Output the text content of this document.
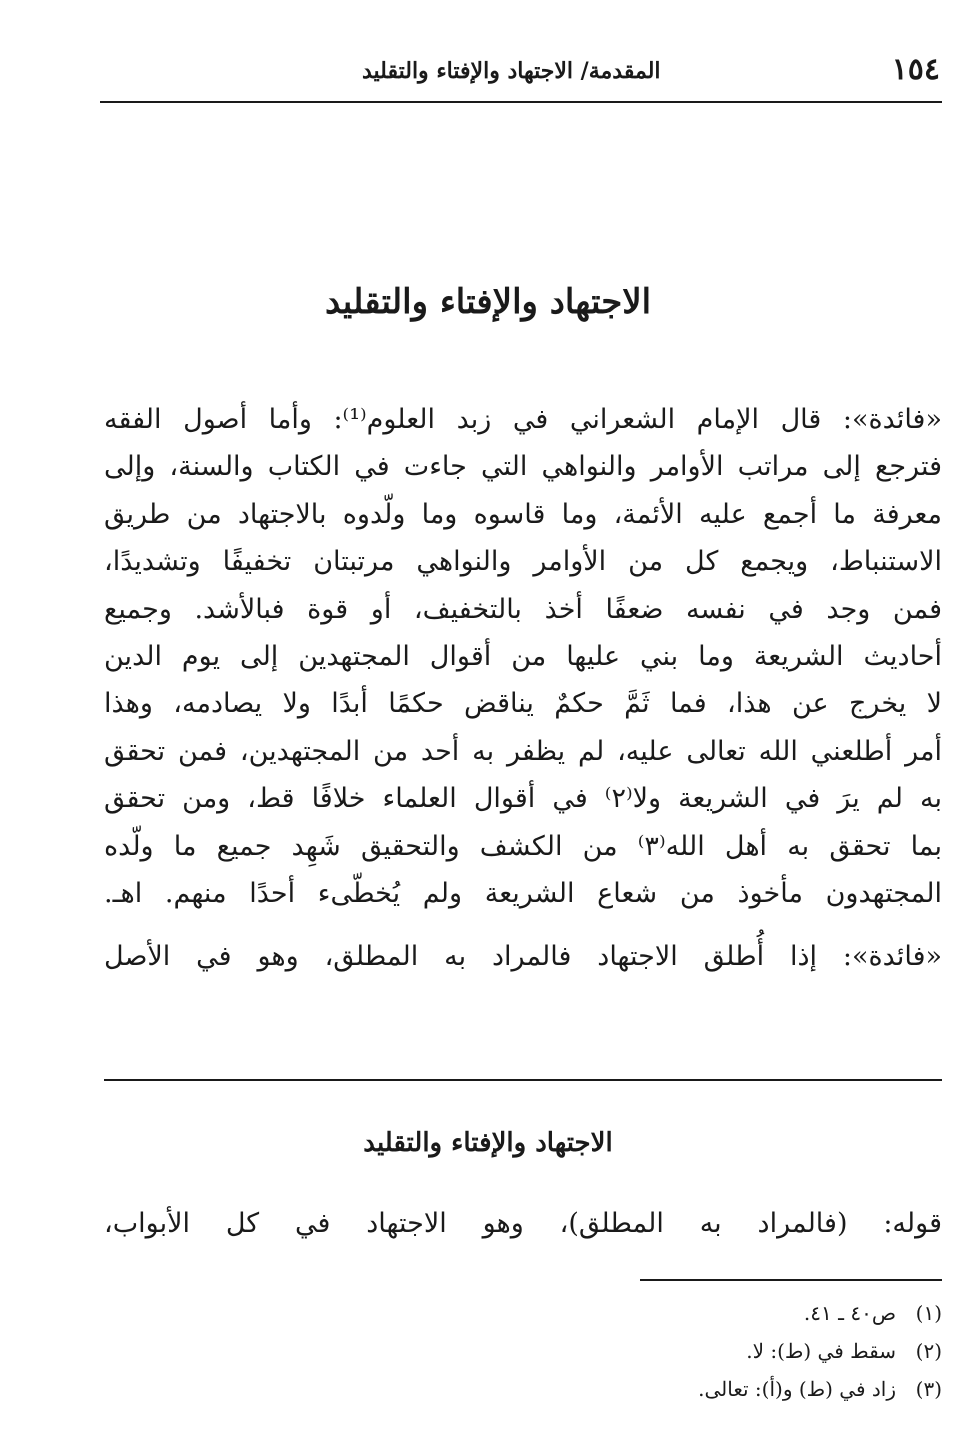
١٥٤
المقدمة/ الاجتهاد والإفتاء والتقليد
الاجتهاد والإفتاء والتقليد
«فائدة»: قال الإمام الشعراني في زبد العلوم⁽¹⁾: وأما أصول الفقه
فترجع إلى مراتب الأوامر والنواهي التي جاءت في الكتاب والسنة، وإلى
معرفة ما أجمع عليه الأئمة، وما قاسوه وما ولّدوه بالاجتهاد من طريق
الاستنباط، ويجمع كل من الأوامر والنواهي مرتبتان تخفيفًا وتشديدًا،
فمن وجد في نفسه ضعفًا أخذ بالتخفيف، أو قوة فبالأشد. وجميع
أحاديث الشريعة وما بني عليها من أقوال المجتهدين إلى يوم الدين
لا يخرج عن هذا، فما ثَمَّ حكمٌ يناقض حكمًا أبدًا ولا يصادمه، وهذا
أمر أطلعني الله تعالى عليه، لم يظفر به أحد من المجتهدين، فمن تحقق
به لم يرَ في الشريعة ولا⁽٢⁾ في أقوال العلماء خلافًا قط، ومن تحقق
بما تحقق به أهل الله⁽٣⁾ من الكشف والتحقيق شَهِد جميع ما ولّده
المجتهدون مأخوذ من شعاع الشريعة ولم يُخطّىء أحدًا منهم. اهـ.
«فائدة»: إذا أُطلق الاجتهاد فالمراد به المطلق، وهو في الأصل
الاجتهاد والإفتاء والتقليد
قوله: (فالمراد به المطلق)، وهو الاجتهاد في كل الأبواب،
(١)ص٤٠ ـ ٤١.
(٢)سقط في (ط): لا.
(٣)زاد في (ط) و(أ): تعالى.
